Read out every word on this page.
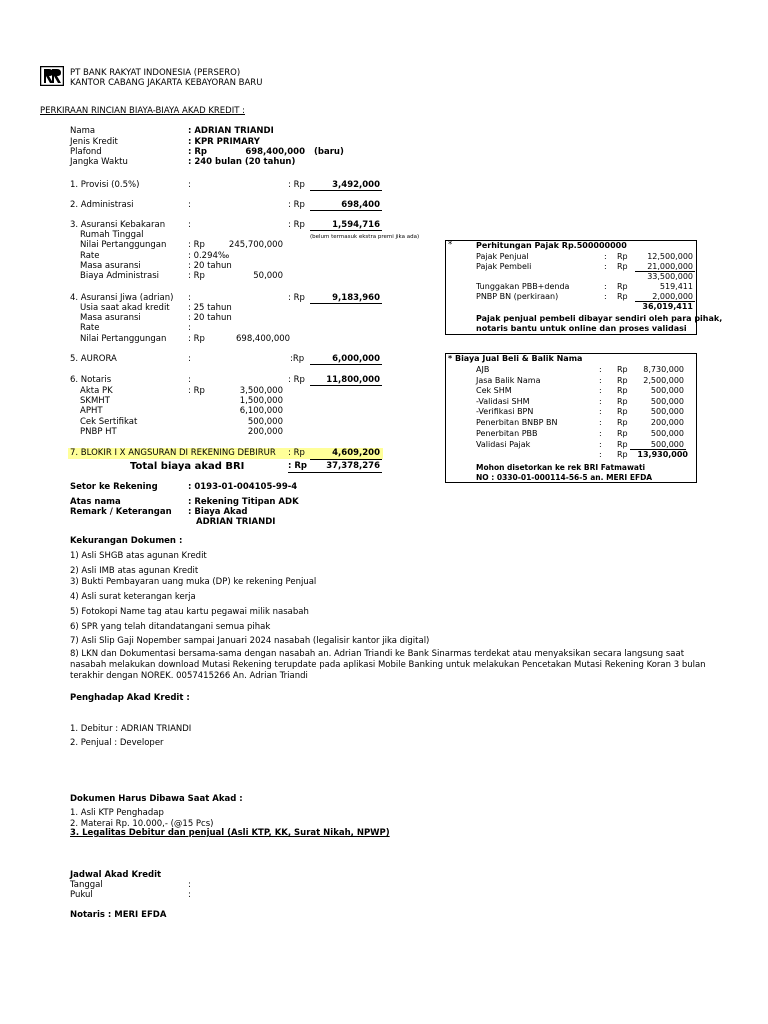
PT BANK RAKYAT INDONESIA (PERSERO)
KANTOR CABANG JAKARTA KEBAYORAN BARU
PERKIRAAN RINCIAN BIAYA-BIAYA AKAD KREDIT :
Nama	: ADRIAN TRIANDI
Jenis Kredit	: KPR PRIMARY
Plafond	: Rp	698,400,000 (baru)
Jangka Waktu	: 240 bulan (20 tahun)
1. Provisi (0.5%)	:	: Rp	3,492,000
2. Administrasi	:	: Rp	698,400
3. Asuransi Kebakaran	:	: Rp	1,594,716
Rumah Tinggal	(belum termasuk ekstra premi jika ada)
Nilai Pertanggungan	: Rp	245,700,000
Rate	: 0.294‰
Masa asuransi	: 20 tahun
Biaya Administrasi	: Rp	50,000
4. Asuransi Jiwa (adrian) :	: Rp	9,183,960
Usia saat akad kredit : 25 tahun
Masa asuransi	: 20 tahun
Rate	:
Nilai Pertanggungan	: Rp	698,400,000
5. AURORA	:	:Rp	6,000,000
6. Notaris	:	: Rp	11,800,000
Akta PK	: Rp	3,500,000
SKMHT	1,500,000
APHT	6,100,000
Cek Sertifikat	500,000
PNBP HT	200,000
7. BLOKIR I X ANGSURAN DI REKENING DEBIRUR : Rp	4,609,200
Total biaya akad BRI	: Rp	37,378,276
Setor ke Rekening	: 0193-01-004105-99-4
Atas nama	: Rekening Titipan ADK
Remark / Keterangan : Biaya Akad
ADRIAN TRIANDI
Kekurangan Dokumen :
1) Asli SHGB atas agunan Kredit
2) Asli IMB atas agunan Kredit
3) Bukti Pembayaran uang muka (DP) ke rekening Penjual
4) Asli surat keterangan kerja
5) Fotokopi Name tag atau kartu pegawai milik nasabah
6) SPR yang telah ditandatangani semua pihak
7) Asli Slip Gaji Nopember sampai Januari 2024 nasabah (legalisir kantor jika digital)
8) LKN dan Dokumentasi bersama-sama dengan nasabah an. Adrian Triandi ke Bank Sinarmas terdekat atau menyaksikan secara langsung saat nasabah melakukan download Mutasi Rekening terupdate pada aplikasi Mobile Banking untuk melakukan Pencetakan Mutasi Rekening Koran 3 bulan terakhir dengan NOREK. 0057415266 An. Adrian Triandi
Penghadap Akad Kredit :
1. Debitur : ADRIAN TRIANDI
2. Penjual : Developer
Dokumen Harus Dibawa Saat Akad :
1. Asli KTP Penghadap
2. Materai Rp. 10.000,- (@15 Pcs)
3. Legalitas Debitur dan penjual (Asli KTP, KK, Surat Nikah, NPWP)
Jadwal Akad Kredit
Tanggal	:
Pukul	:
Notaris : MERI EFDA
*	Perhitungan Pajak Rp.500000000
Pajak Penjual	: Rp	12,500,000
Pajak Pembeli	: Rp	21,000,000
33,500,000
Tunggakan PBB+denda	: Rp	519,411
PNBP BN (perkiraan)	: Rp	2,000,000
36,019,411
Pajak penjual pembeli dibayar sendiri oleh para pihak,
notaris bantu untuk online dan proses validasi
* Biaya Jual Beli & Balik Nama
AJB	: Rp	8,730,000
Jasa Balik Nama	: Rp	2,500,000
Cek SHM	: Rp	500,000
-Validasi SHM	: Rp	500,000
-Verifikasi BPN	: Rp	500,000
Penerbitan BNBP BN	: Rp	200,000
Penerbitan PBB	: Rp	500,000
Validasi Pajak	: Rp	500,000
: Rp	13,930,000
Mohon disetorkan ke rek BRI Fatmawati
NO : 0330-01-000114-56-5 an. MERI EFDA
